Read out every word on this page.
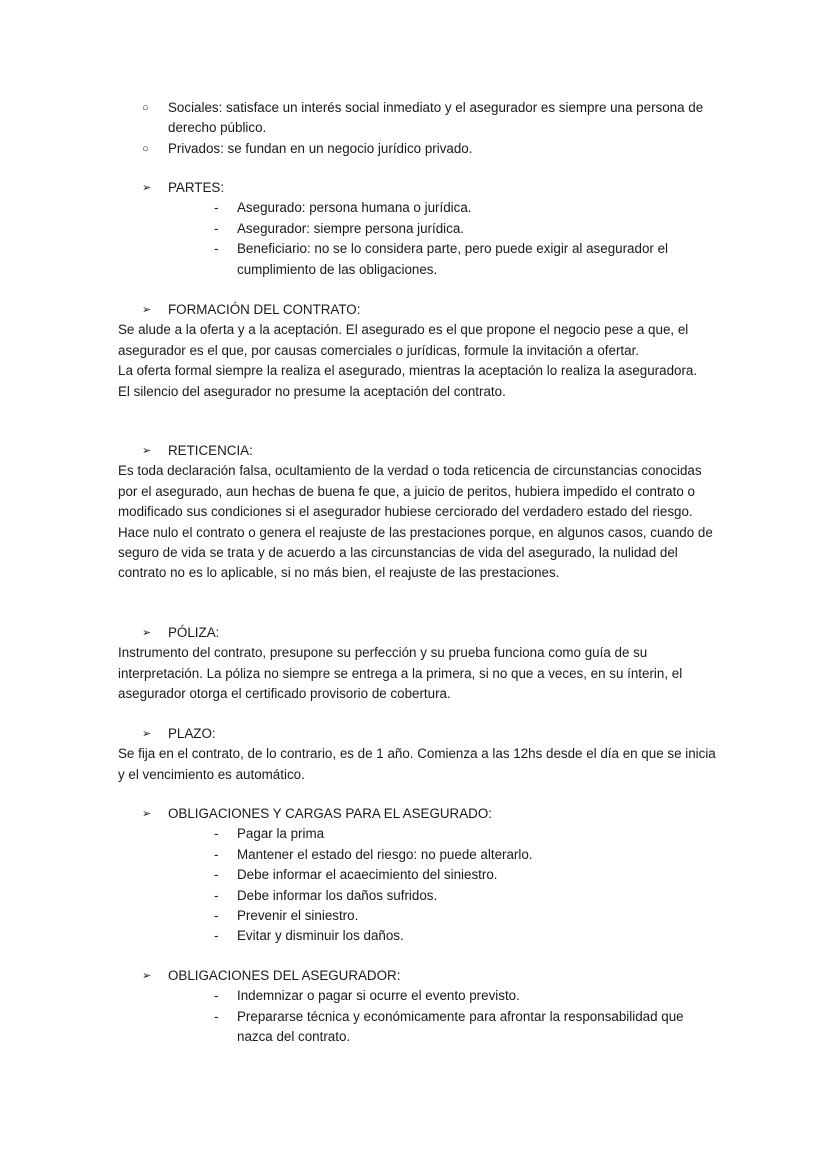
○ Sociales: satisface un interés social inmediato y el asegurador es siempre una persona de derecho público.
○ Privados: se fundan en un negocio jurídico privado.
➢ PARTES:
- Asegurado: persona humana o jurídica.
- Asegurador: siempre persona jurídica.
- Beneficiario: no se lo considera parte, pero puede exigir al asegurador el cumplimiento de las obligaciones.
➢ FORMACIÓN DEL CONTRATO:
Se alude a la oferta y a la aceptación. El asegurado es el que propone el negocio pese a que, el asegurador es el que, por causas comerciales o jurídicas, formule la invitación a ofertar.
La oferta formal siempre la realiza el asegurado, mientras la aceptación lo realiza la aseguradora.
El silencio del asegurador no presume la aceptación del contrato.
➢ RETICENCIA:
Es toda declaración falsa, ocultamiento de la verdad o toda reticencia de circunstancias conocidas por el asegurado, aun hechas de buena fe que, a juicio de peritos, hubiera impedido el contrato o modificado sus condiciones si el asegurador hubiese cerciorado del verdadero estado del riesgo. Hace nulo el contrato o genera el reajuste de las prestaciones porque, en algunos casos, cuando de seguro de vida se trata y de acuerdo a las circunstancias de vida del asegurado, la nulidad del contrato no es lo aplicable, si no más bien, el reajuste de las prestaciones.
➢ PÓLIZA:
Instrumento del contrato, presupone su perfección y su prueba funciona como guía de su interpretación. La póliza no siempre se entrega a la primera, si no que a veces, en su ínterin, el asegurador otorga el certificado provisorio de cobertura.
➢ PLAZO:
Se fija en el contrato, de lo contrario, es de 1 año. Comienza a las 12hs desde el día en que se inicia y el vencimiento es automático.
➢ OBLIGACIONES Y CARGAS PARA EL ASEGURADO:
- Pagar la prima
- Mantener el estado del riesgo: no puede alterarlo.
- Debe informar el acaecimiento del siniestro.
- Debe informar los daños sufridos.
- Prevenir el siniestro.
- Evitar y disminuir los daños.
➢ OBLIGACIONES DEL ASEGURADOR:
- Indemnizar o pagar si ocurre el evento previsto.
- Prepararse técnica y económicamente para afrontar la responsabilidad que nazca del contrato.
